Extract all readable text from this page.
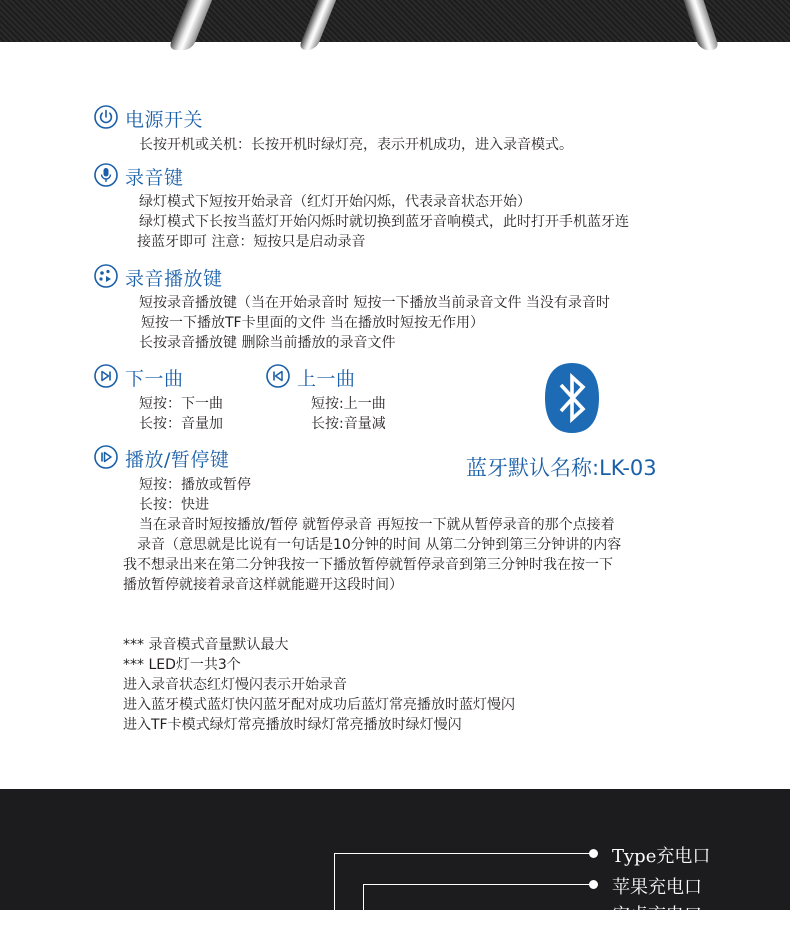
电源开关
长按开机或关机：长按开机时绿灯亮，表示开机成功，进入录音模式。
录音键
绿灯模式下短按开始录音（红灯开始闪烁，代表录音状态开始）
绿灯模式下长按当蓝灯开始闪烁时就切换到蓝牙音响模式，此时打开手机蓝牙连
接蓝牙即可 注意：短按只是启动录音
录音播放键
短按录音播放键（当在开始录音时 短按一下播放当前录音文件 当没有录音时
短按一下播放TF卡里面的文件 当在播放时短按无作用）
长按录音播放键 删除当前播放的录音文件
下一曲
短按：下一曲
长按：音量加
上一曲
短按:上一曲
长按:音量减
蓝牙默认名称:LK-03
播放/暂停键
短按：播放或暂停
长按：快进
当在录音时短按播放/暂停 就暂停录音 再短按一下就从暂停录音的那个点接着
录音（意思就是比说有一句话是10分钟的时间 从第二分钟到第三分钟讲的内容
我不想录出来在第二分钟我按一下播放暂停就暂停录音到第三分钟时我在按一下
播放暂停就接着录音这样就能避开这段时间）
*** 录音模式音量默认最大
*** LED灯一共3个
进入录音状态红灯慢闪表示开始录音
进入蓝牙模式蓝灯快闪蓝牙配对成功后蓝灯常亮播放时蓝灯慢闪
进入TF卡模式绿灯常亮播放时绿灯常亮播放时绿灯慢闪
Type充电口
苹果充电口
安卓充电口
